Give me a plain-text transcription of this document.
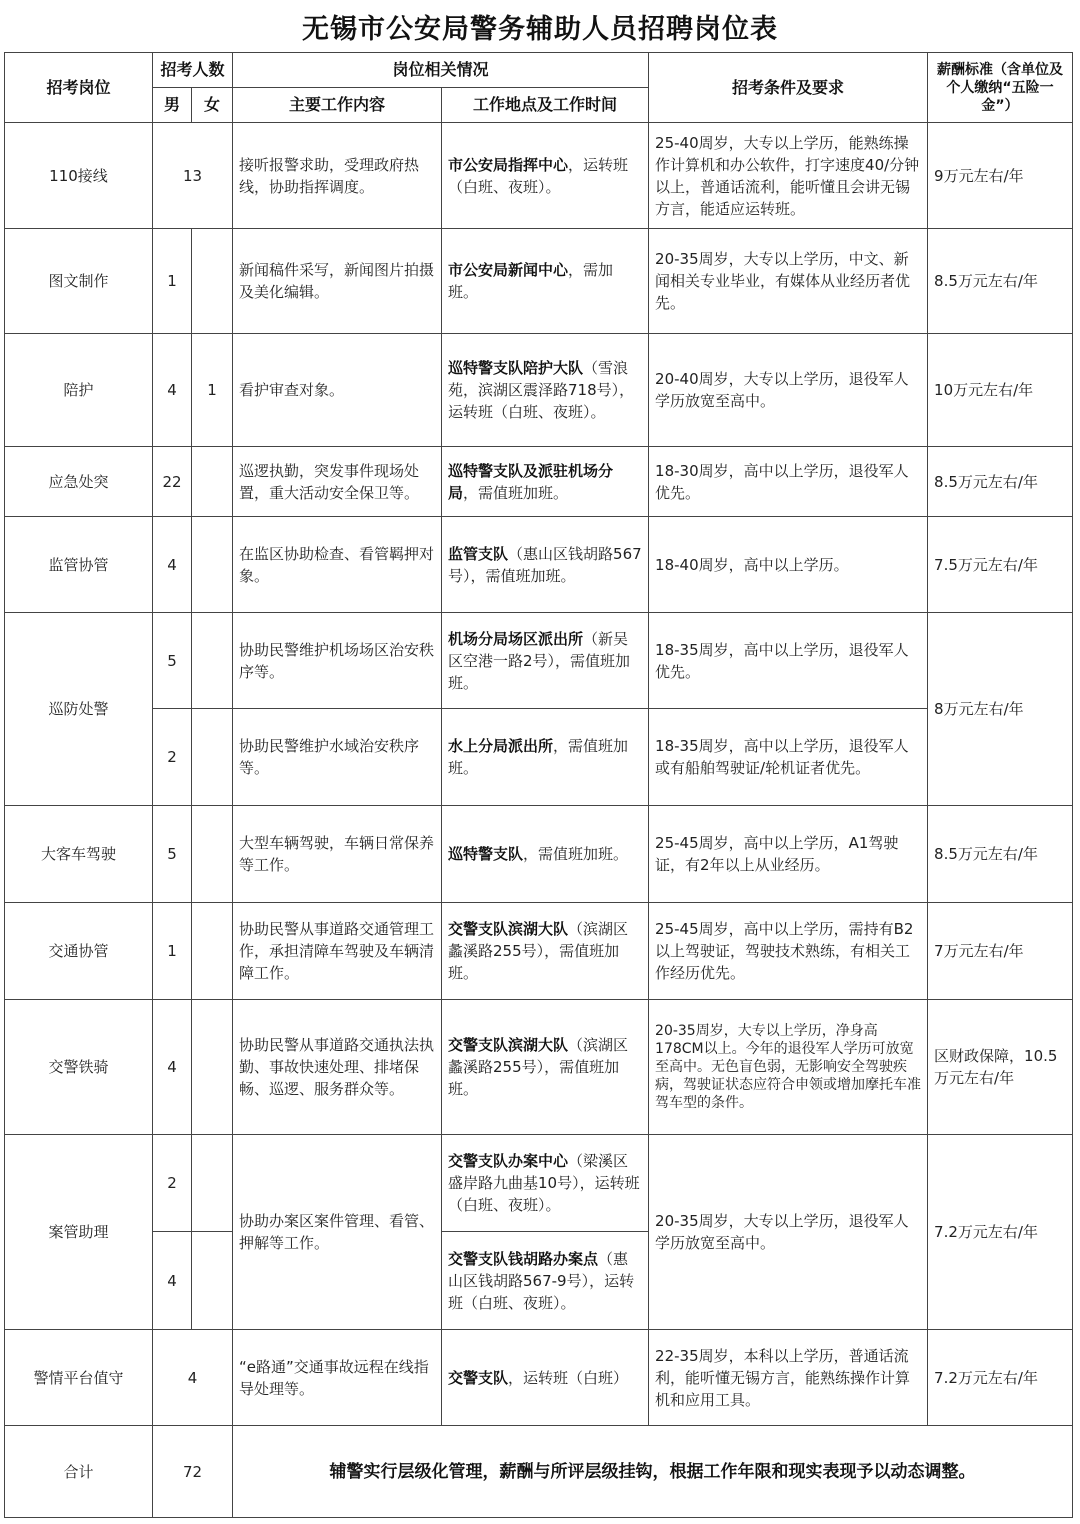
无锡市公安局警务辅助人员招聘岗位表
招考岗位	招考人数		岗位相关情况		招考条件及要求	薪酬标准（含单位及个人缴纳“五险一金”）
	男	女	主要工作内容	工作地点及工作时间		
110接线	13		接听报警求助，受理政府热线，协助指挥调度。	市公安局指挥中心，运转班（白班、夜班）。	25-40周岁，大专以上学历，能熟练操作计算机和办公软件，打字速度40/分钟以上，普通话流利，能听懂且会讲无锡方言，能适应运转班。	9万元左右/年
图文制作	1		新闻稿件采写，新闻图片拍摄及美化编辑。	市公安局新闻中心，需加班。	20-35周岁，大专以上学历，中文、新闻相关专业毕业，有媒体从业经历者优先。	8.5万元左右/年
陪护	4	1	看护审查对象。	巡特警支队陪护大队（雪浪苑，滨湖区震泽路718号），运转班（白班、夜班）。	20-40周岁，大专以上学历，退役军人学历放宽至高中。	10万元左右/年
应急处突	22		巡逻执勤，突发事件现场处置，重大活动安全保卫等。	巡特警支队及派驻机场分局，需值班加班。	18-30周岁，高中以上学历，退役军人优先。	8.5万元左右/年
监管协管	4		在监区协助检查、看管羁押对象。	监管支队（惠山区钱胡路567号），需值班加班。	18-40周岁，高中以上学历。	7.5万元左右/年
巡防处警	5		协助民警维护机场场区治安秩序等。	机场分局场区派出所（新吴区空港一路2号），需值班加班。	18-35周岁，高中以上学历，退役军人优先。	8万元左右/年
	2		协助民警维护水域治安秩序等。	水上分局派出所，需值班加班。	18-35周岁，高中以上学历，退役军人或有船舶驾驶证/轮机证者优先。	
大客车驾驶	5		大型车辆驾驶，车辆日常保养等工作。	巡特警支队，需值班加班。	25-45周岁，高中以上学历，A1驾驶证，有2年以上从业经历。	8.5万元左右/年
交通协管	1		协助民警从事道路交通管理工作，承担清障车驾驶及车辆清障工作。	交警支队滨湖大队（滨湖区蠡溪路255号），需值班加班。	25-45周岁，高中以上学历，需持有B2以上驾驶证，驾驶技术熟练，有相关工作经历优先。	7万元左右/年
交警铁骑	4		协助民警从事道路交通执法执勤、事故快速处理、排堵保畅、巡逻、服务群众等。	交警支队滨湖大队（滨湖区蠡溪路255号），需值班加班。	20-35周岁，大专以上学历，净身高178CM以上。今年的退役军人学历可放宽至高中。无色盲色弱，无影响安全驾驶疾病，驾驶证状态应符合申领或增加摩托车准驾车型的条件。	区财政保障，10.5万元左右/年
案管助理	2		协助办案区案件管理、看管、押解等工作。	交警支队办案中心（梁溪区盛岸路九曲基10号），运转班（白班、夜班）。	20-35周岁，大专以上学历，退役军人学历放宽至高中。	7.2万元左右/年
	4			交警支队钱胡路办案点（惠山区钱胡路567-9号），运转班（白班、夜班）。		
警情平台值守	4		“e路通”交通事故远程在线指导处理等。	交警支队，运转班（白班）	22-35周岁，本科以上学历，普通话流利，能听懂无锡方言，能熟练操作计算机和应用工具。	7.2万元左右/年
合计	72		辅警实行层级化管理，薪酬与所评层级挂钩，根据工作年限和现实表现予以动态调整。			
